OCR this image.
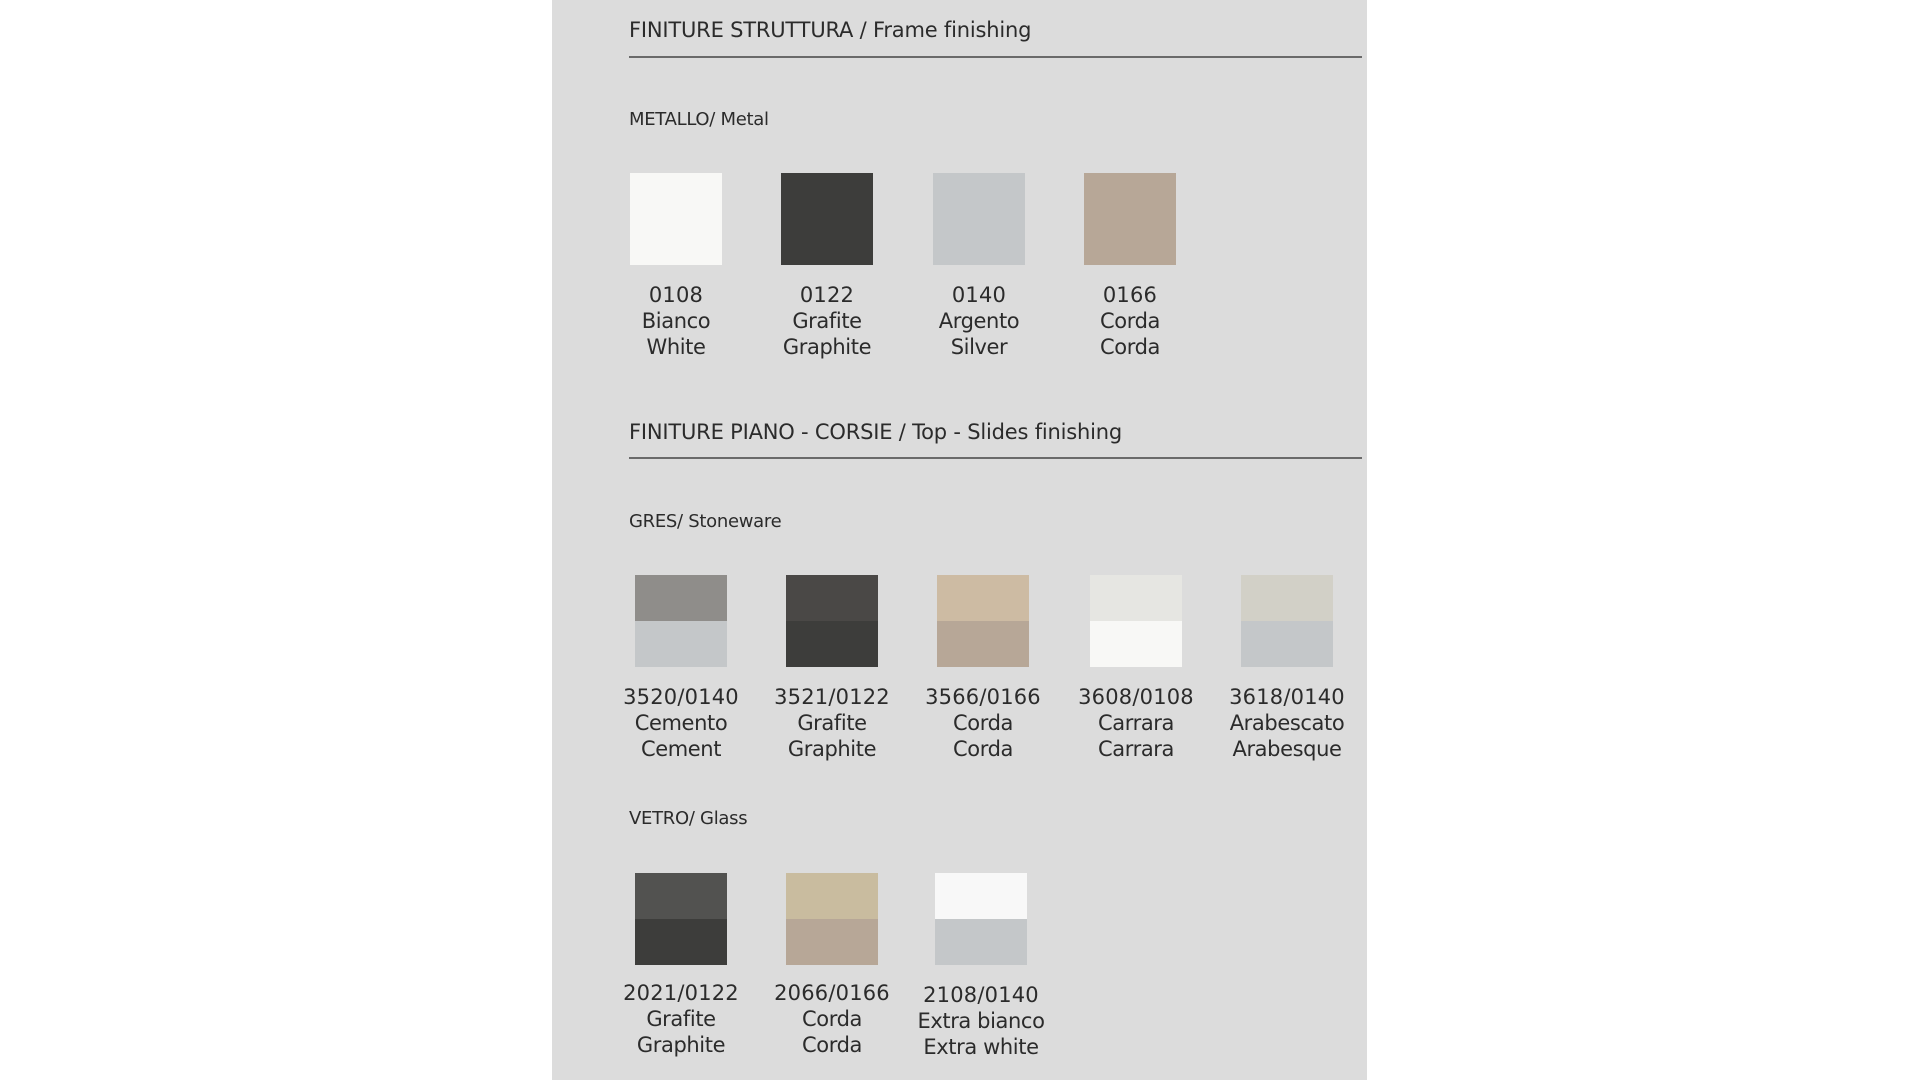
FINITURE STRUTTURA / Frame finishing
METALLO/ Metal
0108
Bianco
White
0122
Grafite
Graphite
0140
Argento
Silver
0166
Corda
Corda
FINITURE PIANO - CORSIE / Top - Slides finishing
GRES/ Stoneware
3520/0140
Cemento
Cement
3521/0122
Grafite
Graphite
3566/0166
Corda
Corda
3608/0108
Carrara
Carrara
3618/0140
Arabescato
Arabesque
VETRO/ Glass
2021/0122
Grafite
Graphite
2066/0166
Corda
Corda
2108/0140
Extra bianco
Extra white
